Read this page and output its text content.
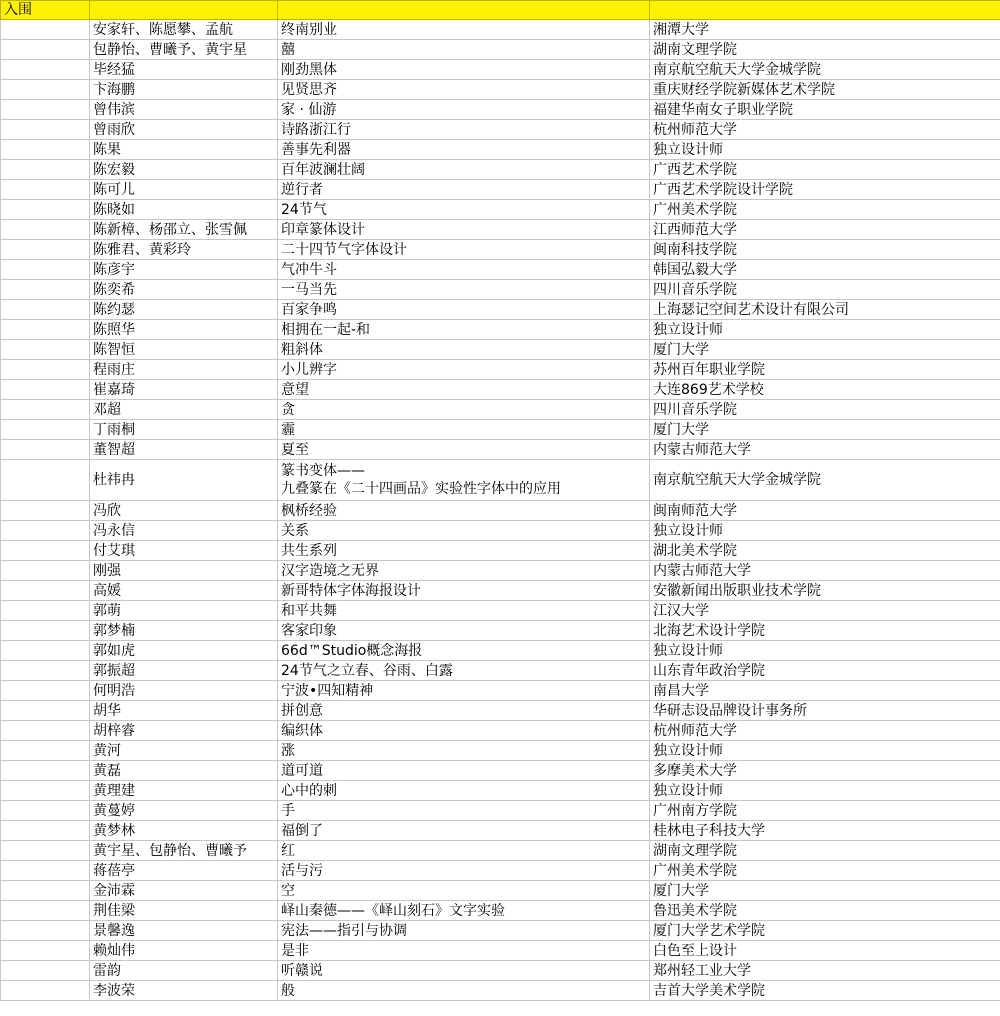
入围			
	安家轩、陈愿攀、孟航	终南别业	湘潭大学
	包静怡、曹曦予、黄宇星	囍	湖南文理学院
	毕经猛	刚劲黑体	南京航空航天大学金城学院
	卞海鹏	见贤思齐	重庆财经学院新媒体艺术学院
	曾伟滨	家 · 仙游	福建华南女子职业学院
	曾雨欣	诗路浙江行	杭州师范大学
	陈果	善事先利器	独立设计师
	陈宏毅	百年波澜壮阔	广西艺术学院
	陈可儿	逆行者	广西艺术学院设计学院
	陈晓如	24节气	广州美术学院
	陈新樟、杨邵立、张雪佩	印章篆体设计	江西师范大学
	陈雅君、黄彩玲	二十四节气字体设计	闽南科技学院
	陈彦宇	气冲牛斗	韩国弘毅大学
	陈奕希	一马当先	四川音乐学院
	陈约瑟	百家争鸣	上海瑟记空间艺术设计有限公司
	陈照华	相拥在一起-和	独立设计师
	陈智恒	粗斜体	厦门大学
	程雨庄	小儿辨字	苏州百年职业学院
	崔嘉琦	意望	大连869艺术学校
	邓超	贪	四川音乐学院
	丁雨桐	霾	厦门大学
	董智超	夏至	内蒙古师范大学
	杜祎冉	篆书变体——
九叠篆在《二十四画品》实验性字体中的应用	南京航空航天大学金城学院
	冯欣	枫桥经验	闽南师范大学
	冯永信	关系	独立设计师
	付艾琪	共生系列	湖北美术学院
	刚强	汉字造境之无界	内蒙古师范大学
	高媛	新哥特体字体海报设计	安徽新闻出版职业技术学院
	郭萌	和平共舞	江汉大学
	郭梦楠	客家印象	北海艺术设计学院
	郭如虎	66d™Studio概念海报	独立设计师
	郭振超	24节气之立春、谷雨、白露	山东青年政治学院
	何明浩	宁波•四知精神	南昌大学
	胡华	拼创意	华研志设品牌设计事务所
	胡梓睿	编织体	杭州师范大学
	黄河	涨	独立设计师
	黄磊	道可道	多摩美术大学
	黄理建	心中的刺	独立设计师
	黄蔓婷	手	广州南方学院
	黄梦林	福倒了	桂林电子科技大学
	黄宇星、包静怡、曹曦予	红	湖南文理学院
	蒋蓓亭	活与污	广州美术学院
	金沛霖	空	厦门大学
	荆佳梁	峄山秦德——《峄山刻石》文字实验	鲁迅美术学院
	景馨逸	宪法——指引与协调	厦门大学艺术学院
	赖灿伟	是非	白色至上设计
	雷韵	听赣说	郑州轻工业大学
	李波荣	般	吉首大学美术学院
